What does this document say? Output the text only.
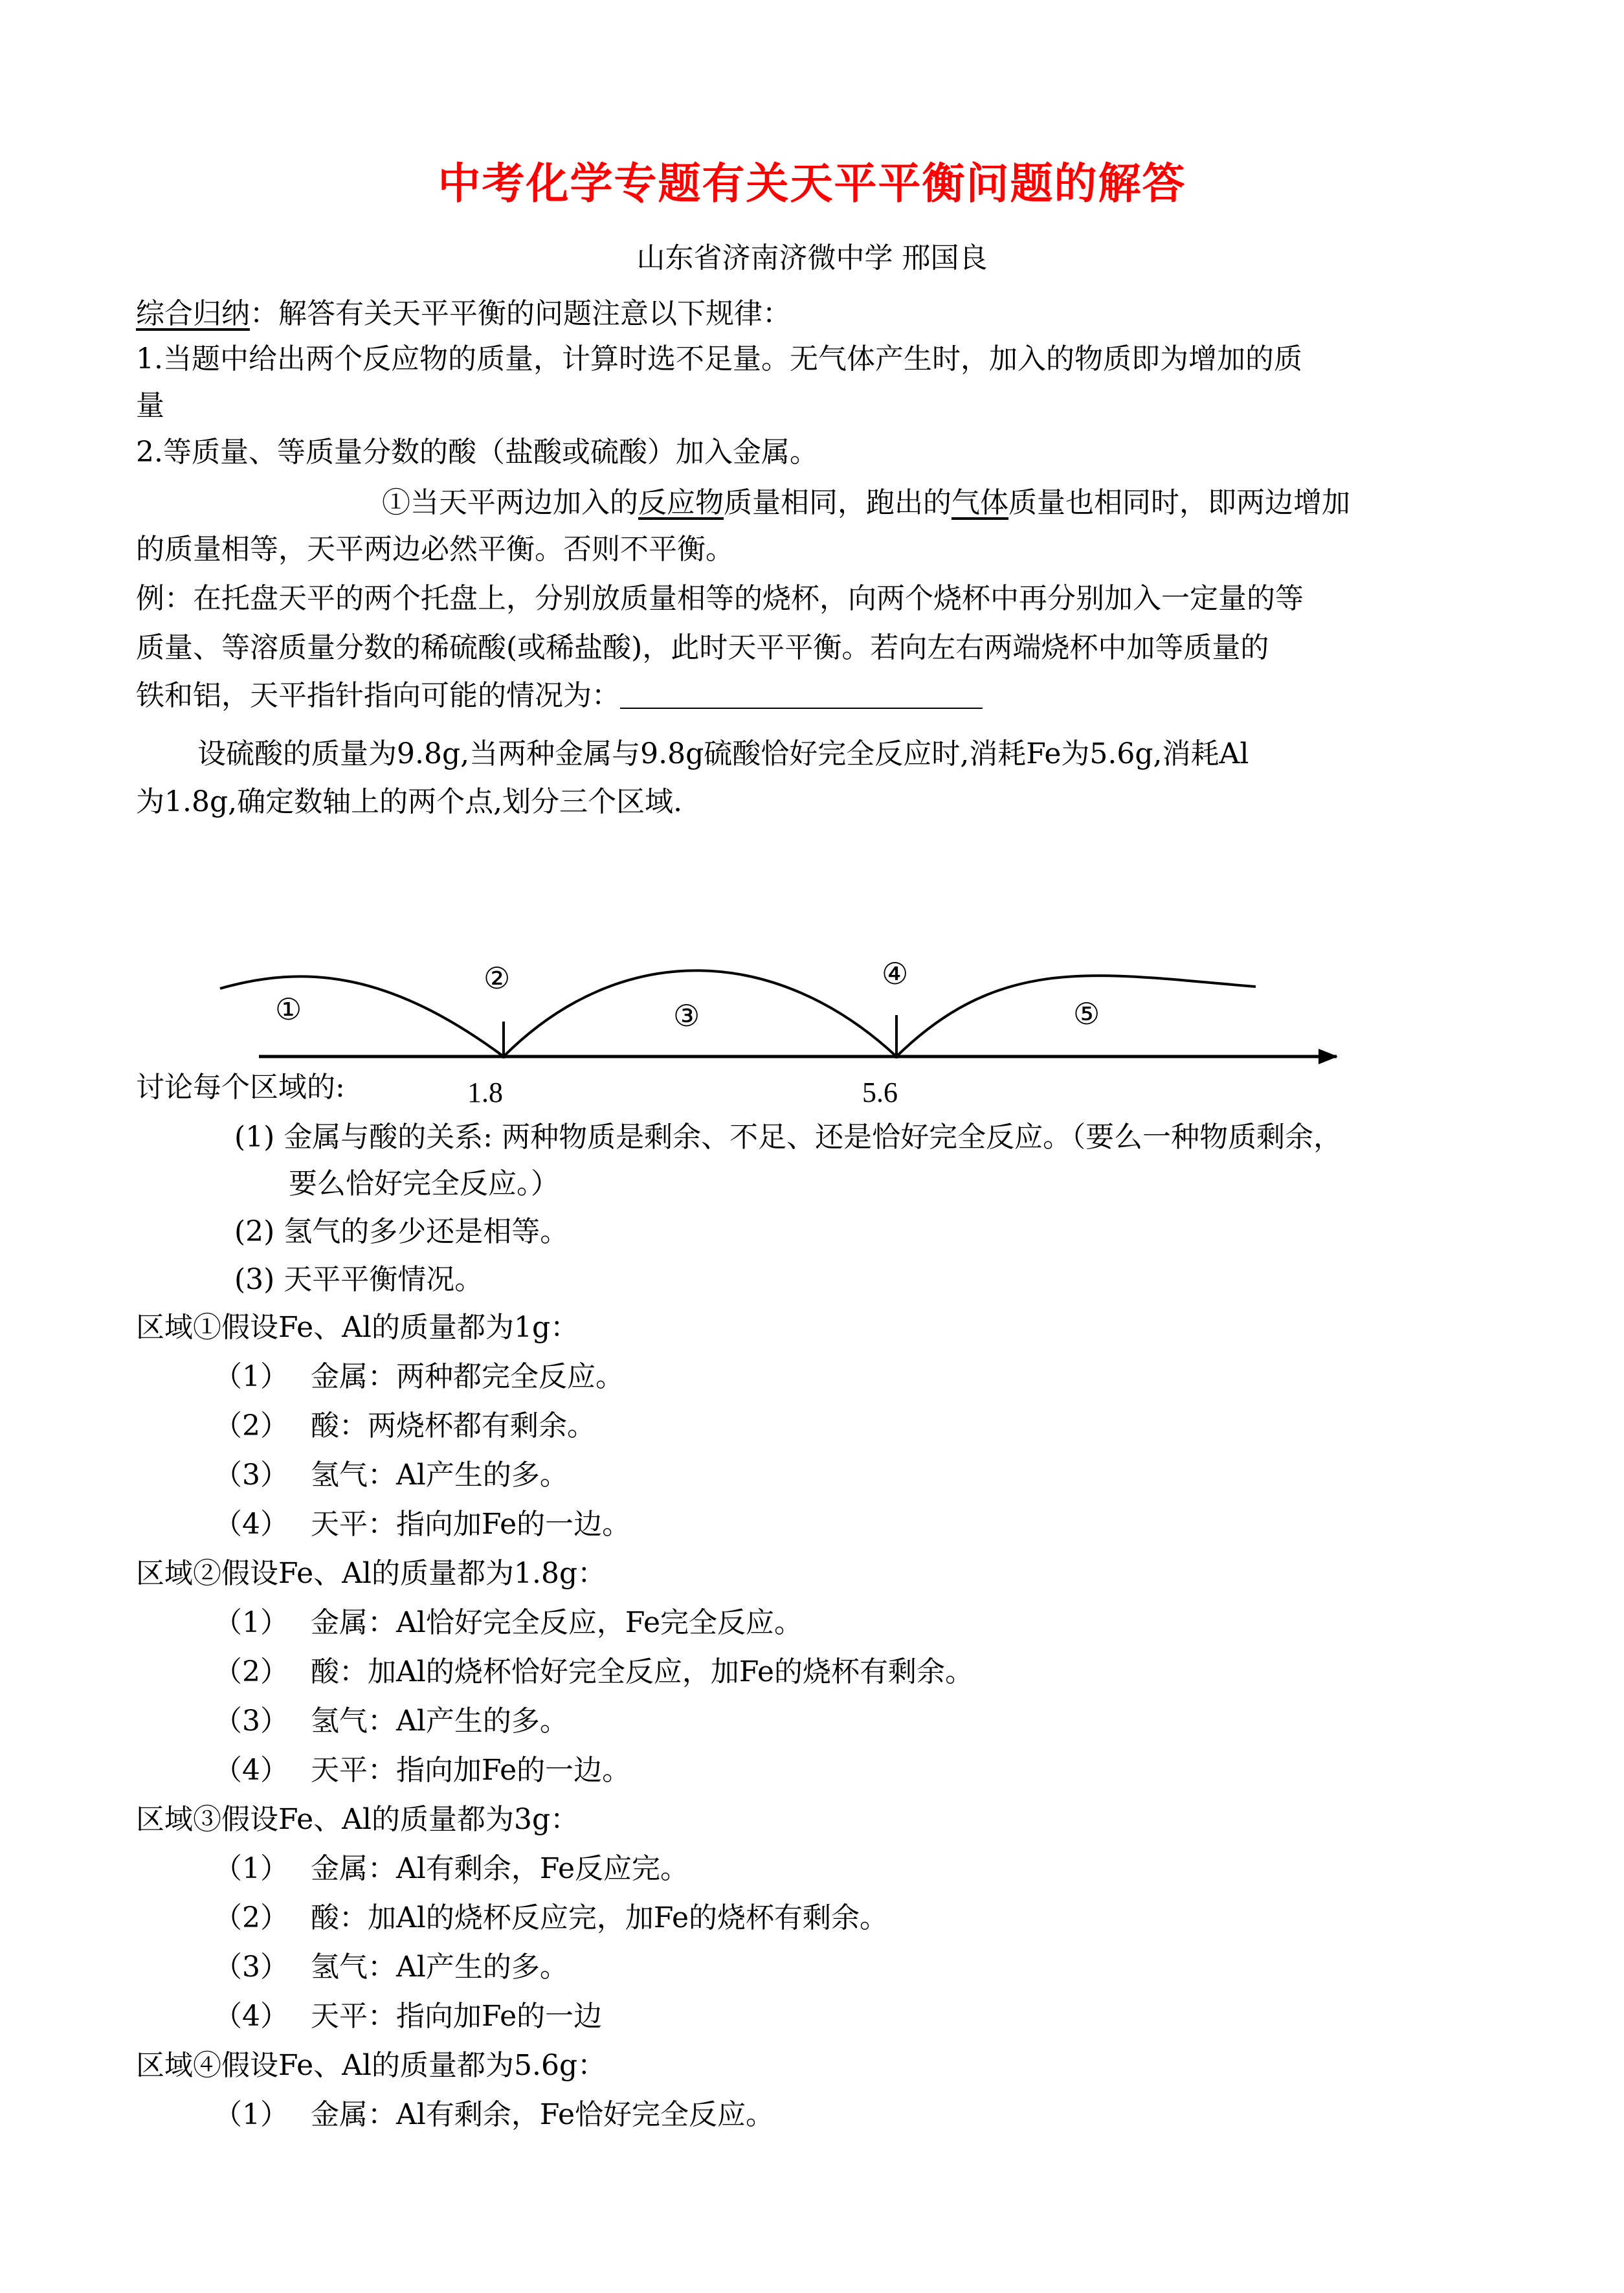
中考化学专题有关天平平衡问题的解答
山东省济南济微中学 邢国良
综合归纳：解答有关天平平衡的问题注意以下规律：
1.当题中给出两个反应物的质量，计算时选不足量。无气体产生时，加入的物质即为增加的质
量
2.等质量、等质量分数的酸（盐酸或硫酸）加入金属。
①当天平两边加入的反应物质量相同，跑出的气体质量也相同时，即两边增加
的质量相等，天平两边必然平衡。否则不平衡。
例：在托盘天平的两个托盘上，分别放质量相等的烧杯，向两个烧杯中再分别加入一定量的等
质量、等溶质量分数的稀硫酸(或稀盐酸)，此时天平平衡。若向左右两端烧杯中加等质量的
铁和铝，天平指针指向可能的情况为：
设硫酸的质量为9.8g,当两种金属与9.8g硫酸恰好完全反应时,消耗Fe为5.6g,消耗Al
为1.8g,确定数轴上的两个点,划分三个区域.
①
②
③
④
⑤
1.8	5.6
讨论每个区域的:
(1) 金属与酸的关系: 两种物质是剩余、不足、还是恰好完全反应。（要么一种物质剩余，
要么恰好完全反应。）
(2) 氢气的多少还是相等。
(3) 天平平衡情况。
区域①假设Fe、Al的质量都为1g：
（1） 金属：两种都完全反应。
（2） 酸：两烧杯都有剩余。
（3） 氢气：Al产生的多。
（4） 天平：指向加Fe的一边。
区域②假设Fe、Al的质量都为1.8g：
（1） 金属：Al恰好完全反应，Fe完全反应。
（2） 酸：加Al的烧杯恰好完全反应，加Fe的烧杯有剩余。
（3） 氢气：Al产生的多。
（4） 天平：指向加Fe的一边。
区域③假设Fe、Al的质量都为3g：
（1） 金属：Al有剩余，Fe反应完。
（2） 酸：加Al的烧杯反应完，加Fe的烧杯有剩余。
（3） 氢气：Al产生的多。
（4） 天平：指向加Fe的一边
区域④假设Fe、Al的质量都为5.6g：
（1） 金属：Al有剩余，Fe恰好完全反应。
